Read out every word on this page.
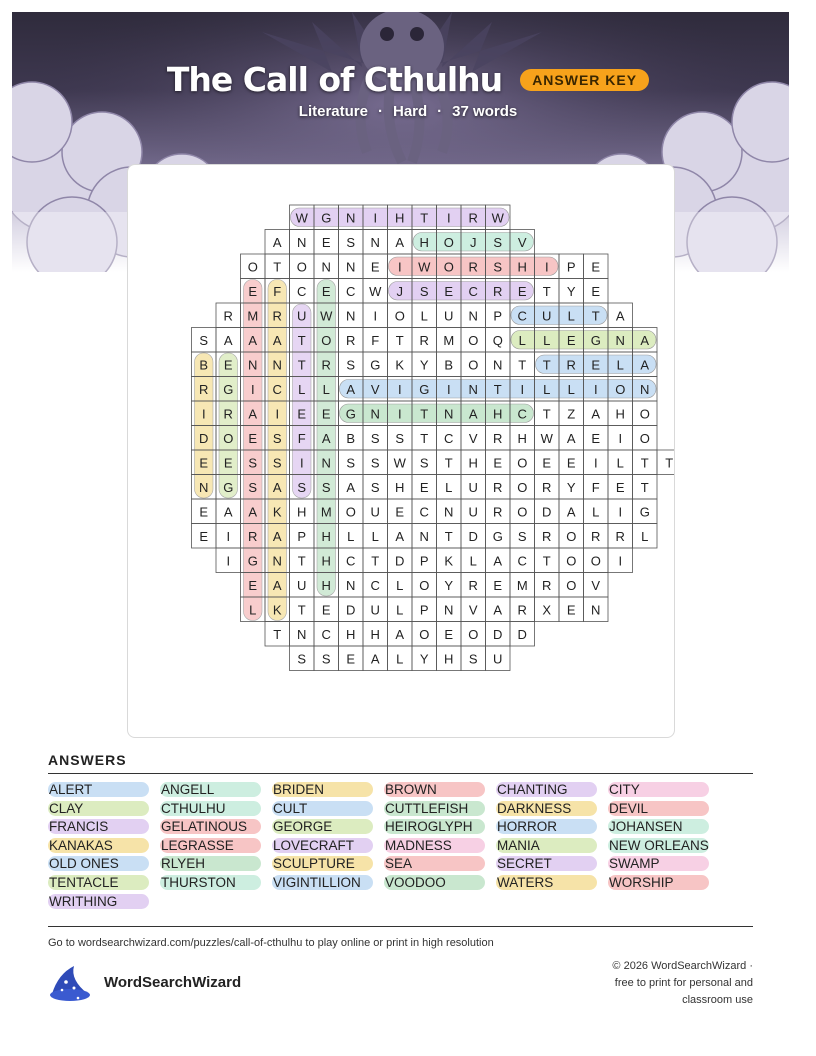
The Call of Cthulhu ANSWER KEY
Literature · Hard · 37 words
W G N I H T I R W
A N E S N A H O J S V
O T O N N E I W O R S H I P E
E F C E C W J S E C R E T Y E
R M R U W N I O L U N P C U L T A
S A A A T O R F T R M O Q L L E G N A
B E N N T R S G K Y B O N T T R E L A
R G I C L L A V I G I N T I L L I O N
I R A I E E G N I T N A H C T Z A H O
D O E S F A B S S T C V R H W A E I O
E E S S I N S S W S T H E O E E I L T T
N G S A S S A S H E L U R O R Y F E T
E A A K H M O U E C N U R O D A L I G
E I R A P H L L A N T D G S R O R R L
I G N T H C T D P K L A C T O O I
E A U H N C L O Y R E M R O V
L K T E D U L P N V A R X E N
T N C H H A O E O D D
S S E A L Y H S U
ANSWERS
ALERT	ANGELL	BRIDEN	BROWN	CHANTING	CITY
CLAY	CTHULHU	CULT	CUTTLEFISH	DARKNESS	DEVIL
FRANCIS	GELATINOUS	GEORGE	HEIROGLYPH	HORROR	JOHANSEN
KANAKAS	LEGRASSE	LOVECRAFT	MADNESS	MANIA	NEW ORLEANS
OLD ONES	RLYEH	SCULPTURE	SEA	SECRET	SWAMP
TENTACLE	THURSTON	VIGINTILLION	VOODOO	WATERS	WORSHIP
WRITHING
Go to wordsearchwizard.com/puzzles/call-of-cthulhu to play online or print in high resolution
WordSearchWizard
© 2026 WordSearchWizard ·
free to print for personal and
classroom use
